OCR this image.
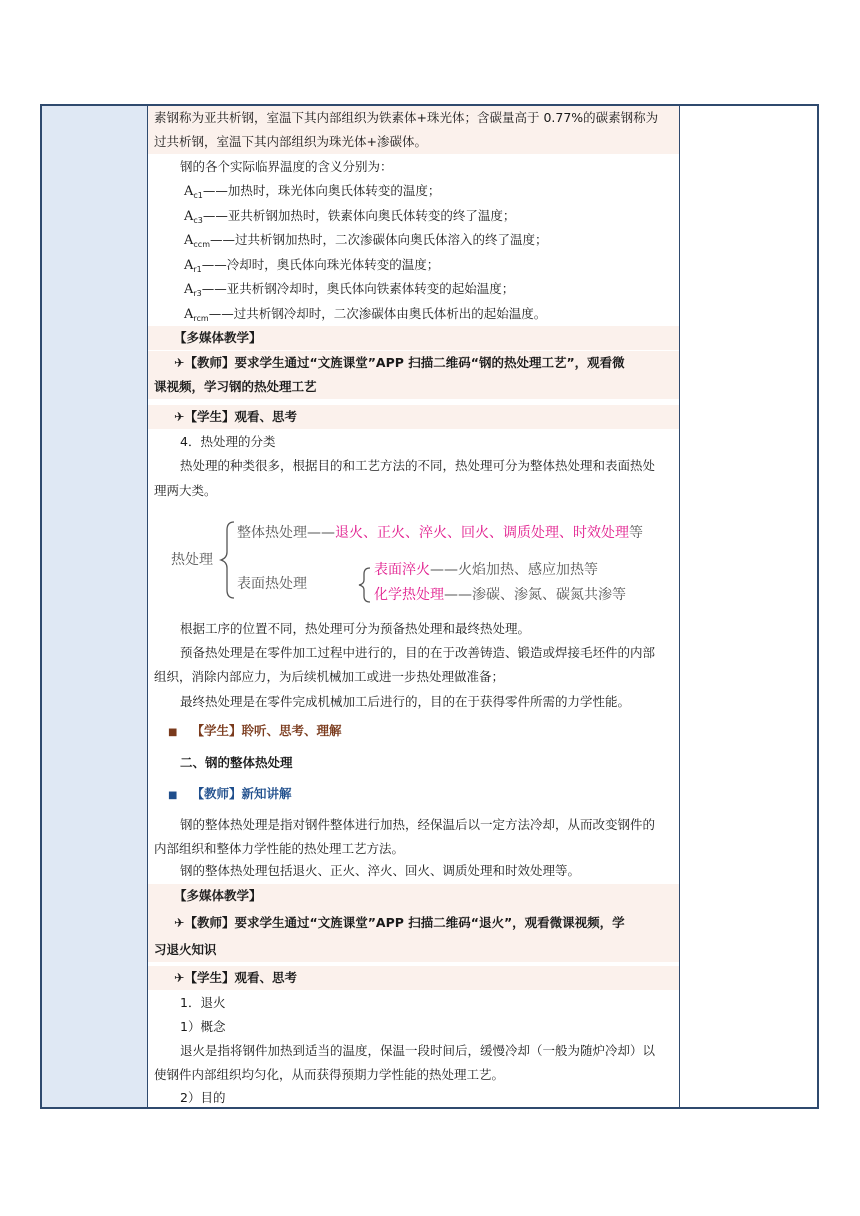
素钢称为亚共析钢，室温下其内部组织为铁素体+珠光体；含碳量高于 0.77%的碳素钢称为
过共析钢，室温下其内部组织为珠光体+渗碳体。
钢的各个实际临界温度的含义分别为：
$A_{c1}——$加热时，珠光体向奥氏体转变的温度；
$A_{c3}——$亚共析钢加热时，铁素体向奥氏体转变的终了温度；
$A_{ccm}——$过共析钢加热时，二次渗碳体向奥氏体溶入的终了温度；
$A_{r1}——$冷却时，奥氏体向珠光体转变的温度；
$A_{r3}——$亚共析钢冷却时，奥氏体向铁素体转变的起始温度；
$A_{rcm}——$过共析钢冷却时，二次渗碳体由奥氏体析出的起始温度。
【多媒体教学】
✈【教师】要求学生通过“文旌课堂”APP 扫描二维码“钢的热处理工艺”，观看微
课视频，学习钢的热处理工艺
✈【学生】观看、思考
4．热处理的分类
热处理的种类很多，根据目的和工艺方法的不同，热处理可分为整体热处理和表面热处
理两大类。
热处理
整体热处理——退火、正火、淬火、回火、调质处理、时效处理等
表面热处理
表面淬火——火焰加热、感应加热等
化学热处理——渗碳、渗氮、碳氮共渗等
根据工序的位置不同，热处理可分为预备热处理和最终热处理。
预备热处理是在零件加工过程中进行的，目的在于改善铸造、锻造或焊接毛坯件的内部
组织，消除内部应力，为后续机械加工或进一步热处理做准备；
最终热处理是在零件完成机械加工后进行的，目的在于获得零件所需的力学性能。
■ 【学生】聆听、思考、理解
二、钢的整体热处理
■ 【教师】新知讲解
钢的整体热处理是指对钢件整体进行加热，经保温后以一定方法冷却，从而改变钢件的
内部组织和整体力学性能的热处理工艺方法。
钢的整体热处理包括退火、正火、淬火、回火、调质处理和时效处理等。
【多媒体教学】
✈【教师】要求学生通过“文旌课堂”APP 扫描二维码“退火”，观看微课视频，学
习退火知识
✈【学生】观看、思考
1．退火
1）概念
退火是指将钢件加热到适当的温度，保温一段时间后，缓慢冷却（一般为随炉冷却）以
使钢件内部组织均匀化，从而获得预期力学性能的热处理工艺。
2）目的
